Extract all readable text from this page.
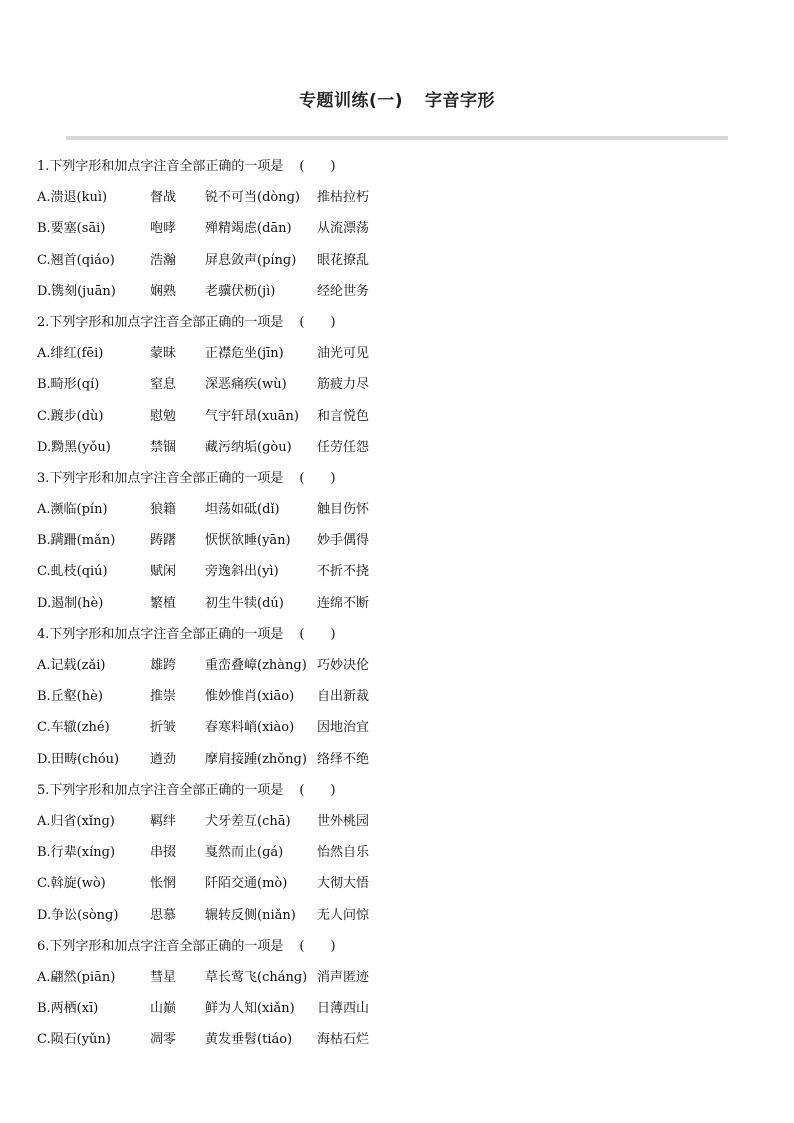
专题训练(一) 字音字形
1.下列字形和加点字注音全部正确的一项是 (　　)
A.溃退(kuì)	督战 锐不可当(dònɡ) 推枯拉朽
B.要塞(sāi)	咆哮 殚精竭虑(dān) 从流漂荡
C.翘首(qiáo)	浩瀚 屏息敛声(pínɡ) 眼花撩乱
D.镌刻(juān)	娴熟 老骥伏枥(jì)	经纶世务
2.下列字形和加点字注音全部正确的一项是 (　　)
A.绯红(fēi)	蒙昧 正襟危坐(jīn)	油光可见
B.畸形(qí)	窒息 深恶痛疾(wù) 筋疲力尽
C.踱步(dù)	慰勉 气宇轩昂(xuān) 和言悦色
D.黝黑(yǒu)	禁锢 藏污纳垢(ɡòu) 任劳任怨
3.下列字形和加点字注音全部正确的一项是 (　　)
A.濒临(pín)	狼籍 坦荡如砥(dǐ)	触目伤怀
B.蹒跚(mǎn)	踌躇 恹恹欲睡(yān) 妙手偶得
C.虬枝(qiú)	赋闲 旁逸斜出(yì)	不折不挠
D.遏制(hè)	繁植 初生牛犊(dú)	连绵不断
4.下列字形和加点字注音全部正确的一项是 (　　)
A.记载(zǎi)	雄跨 重峦叠嶂(zhànɡ) 巧妙决伦
B.丘壑(hè)	推崇 惟妙惟肖(xiāo) 自出新裁
C.车辙(zhé)	折皱 春寒料峭(xiào) 因地治宜
D.田畴(chóu) 遒劲 摩肩接踵(zhǒnɡ) 络绎不绝
5.下列字形和加点字注音全部正确的一项是 (　　)
A.归省(xǐnɡ)	羁绊 犬牙差互(chā) 世外桃园
B.行辈(xínɡ)	串掇 戛然而止(ɡá)	怡然自乐
C.斡旋(wò)	怅惘 阡陌交通(mò) 大彻大悟
D.争讼(sònɡ) 思慕 辗转反侧(niǎn) 无人问惊
6.下列字形和加点字注音全部正确的一项是 (　　)
A.翩然(piān)	彗星 草长莺飞(chánɡ) 消声匿迹
B.两栖(xī)	山巅 鲜为人知(xiǎn) 日薄西山
C.陨石(yǔn)	凋零 黄发垂髫(tiáo) 海枯石烂
